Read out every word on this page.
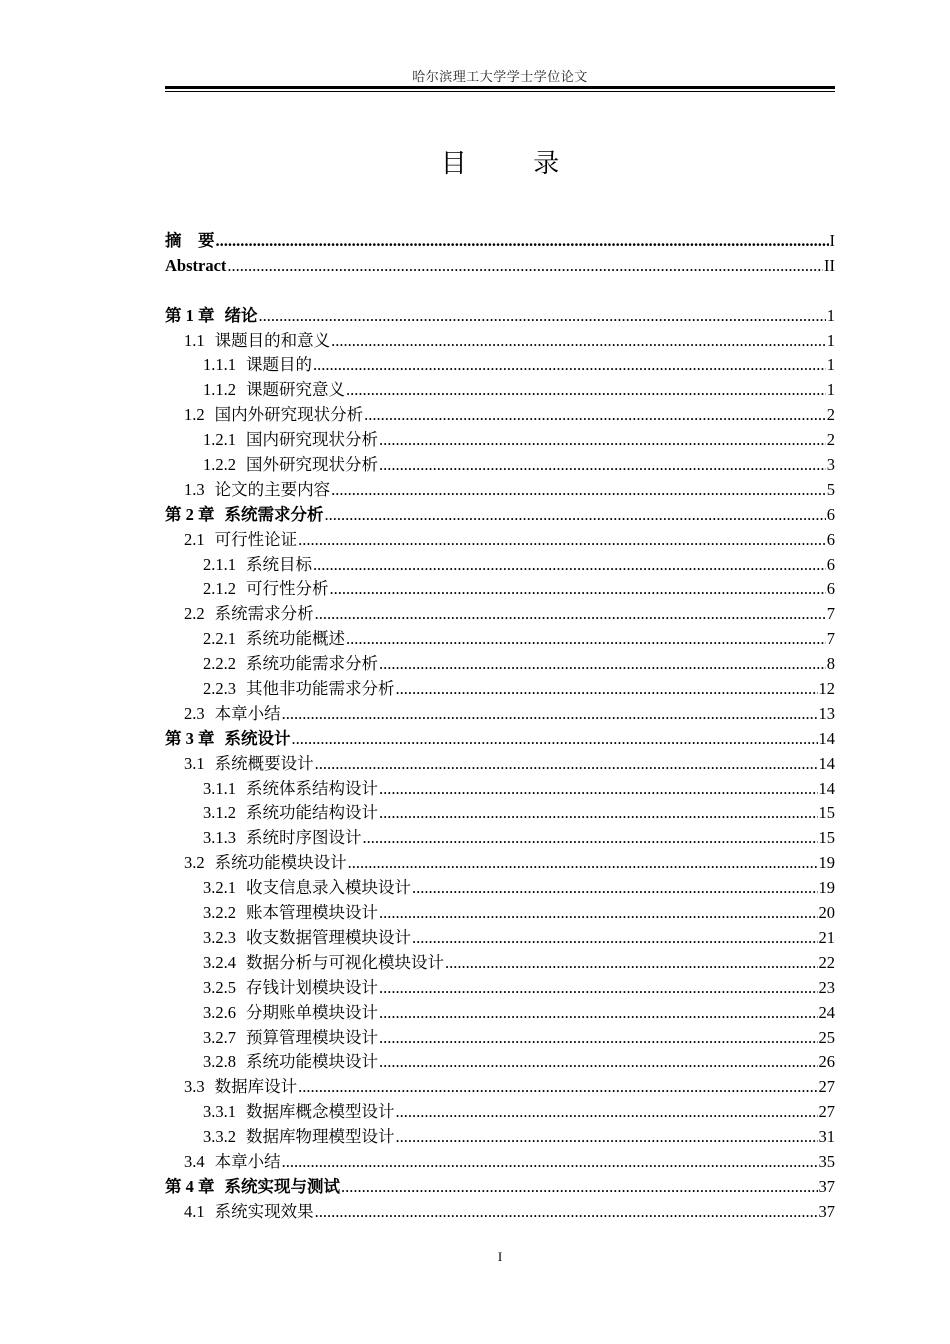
哈尔滨理工大学学士学位论文
目 录
摘　要 .....	I
Abstract .....	II
第 1 章 绪论 .....	1
1.1 课题目的和意义 .....	1
1.1.1 课题目的 .....	1
1.1.2 课题研究意义 .....	1
1.2 国内外研究现状分析 .....	2
1.2.1 国内研究现状分析 .....	2
1.2.2 国外研究现状分析 .....	3
1.3 论文的主要内容 .....	5
第 2 章 系统需求分析 .....	6
2.1 可行性论证 .....	6
2.1.1 系统目标 .....	6
2.1.2 可行性分析 .....	6
2.2 系统需求分析 .....	7
2.2.1 系统功能概述 .....	7
2.2.2 系统功能需求分析 .....	8
2.2.3 其他非功能需求分析 .....	12
2.3 本章小结 .....	13
第 3 章 系统设计 .....	14
3.1 系统概要设计 .....	14
3.1.1 系统体系结构设计 .....	14
3.1.2 系统功能结构设计 .....	15
3.1.3 系统时序图设计 .....	15
3.2 系统功能模块设计 .....	19
3.2.1 收支信息录入模块设计 .....	19
3.2.2 账本管理模块设计 .....	20
3.2.3 收支数据管理模块设计 .....	21
3.2.4 数据分析与可视化模块设计 .....	22
3.2.5 存钱计划模块设计 .....	23
3.2.6 分期账单模块设计 .....	24
3.2.7 预算管理模块设计 .....	25
3.2.8 系统功能模块设计 .....	26
3.3 数据库设计 .....	27
3.3.1 数据库概念模型设计 .....	27
3.3.2 数据库物理模型设计 .....	31
3.4 本章小结 .....	35
第 4 章 系统实现与测试 .....	37
4.1 系统实现效果 .....	37
I
